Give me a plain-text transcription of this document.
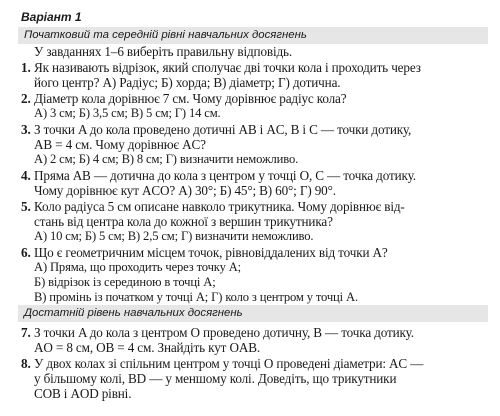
Варіант 1
Початковий та середній рівні навчальних досягнень
У завданнях 1–6 виберіть правильну відповідь.
1. Як називають відрізок, який сполучає дві точки кола і проходить через
його центр? А) Радіус; Б) хорда; В) діаметр; Г) дотична.
2. Діаметр кола дорівнює 7 см. Чому дорівнює радіус кола?
А) 3 см; Б) 3,5 см; В) 5 см; Г) 14 см.
3. З точки A до кола проведено дотичні AB і AC, B і C — точки дотику,
AB = 4 см. Чому дорівнює AC?
А) 2 см; Б) 4 см; В) 8 см; Г) визначити неможливо.
4. Пряма AB — дотична до кола з центром у точці O, C — точка дотику.
Чому дорівнює кут ACO? А) 30°; Б) 45°; В) 60°; Г) 90°.
5. Коло радіуса 5 см описане навколо трикутника. Чому дорівнює від-
стань від центра кола до кожної з вершин трикутника?
А) 10 см; Б) 5 см; В) 2,5 см; Г) визначити неможливо.
6. Що є геометричним місцем точок, рівновіддалених від точки A?
А) Пряма, що проходить через точку A;
Б) відрізок із серединою в точці A;
В) промінь із початком у точці A; Г) коло з центром у точці A.
Достатній рівень навчальних досягнень
7. З точки A до кола з центром O проведено дотичну, B — точка дотику.
AO = 8 см, OB = 4 см. Знайдіть кут OAB.
8. У двох колах зі спільним центром у точці O проведені діаметри: AC —
у більшому колі, BD — у меншому колі. Доведіть, що трикутники
COB і AOD рівні.
